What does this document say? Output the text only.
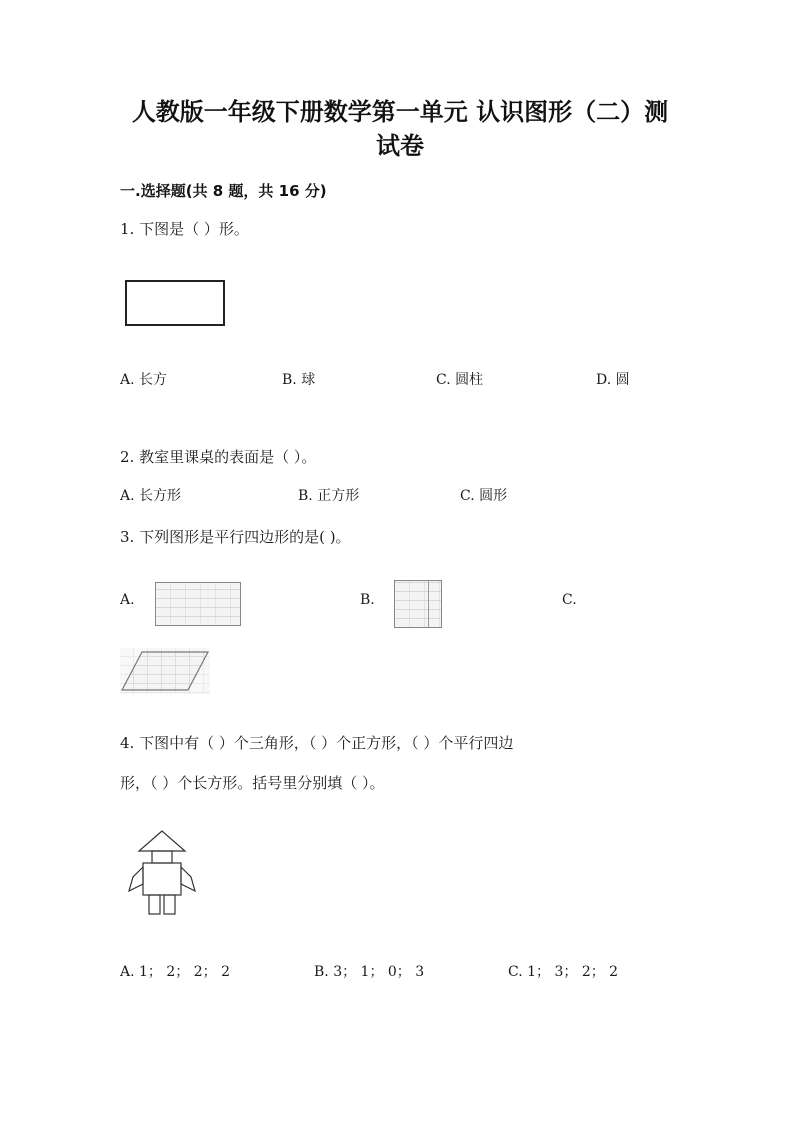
人教版一年级下册数学第一单元 认识图形（二）测
试卷
一.选择题(共 8 题，共 16 分)
1. 下图是（ ）形。
A. 长方	B. 球	C. 圆柱	D. 圆
2. 教室里课桌的表面是（ ）。
A. 长方形	B. 正方形	C. 圆形
3. 下列图形是平行四边形的是( )。
A.	B.	C.
4. 下图中有（ ）个三角形，（ ）个正方形，（ ）个平行四边
形，（ ）个长方形。括号里分别填（ ）。
A. 1； 2； 2； 2	B. 3； 1； 0； 3	C. 1； 3； 2； 2
